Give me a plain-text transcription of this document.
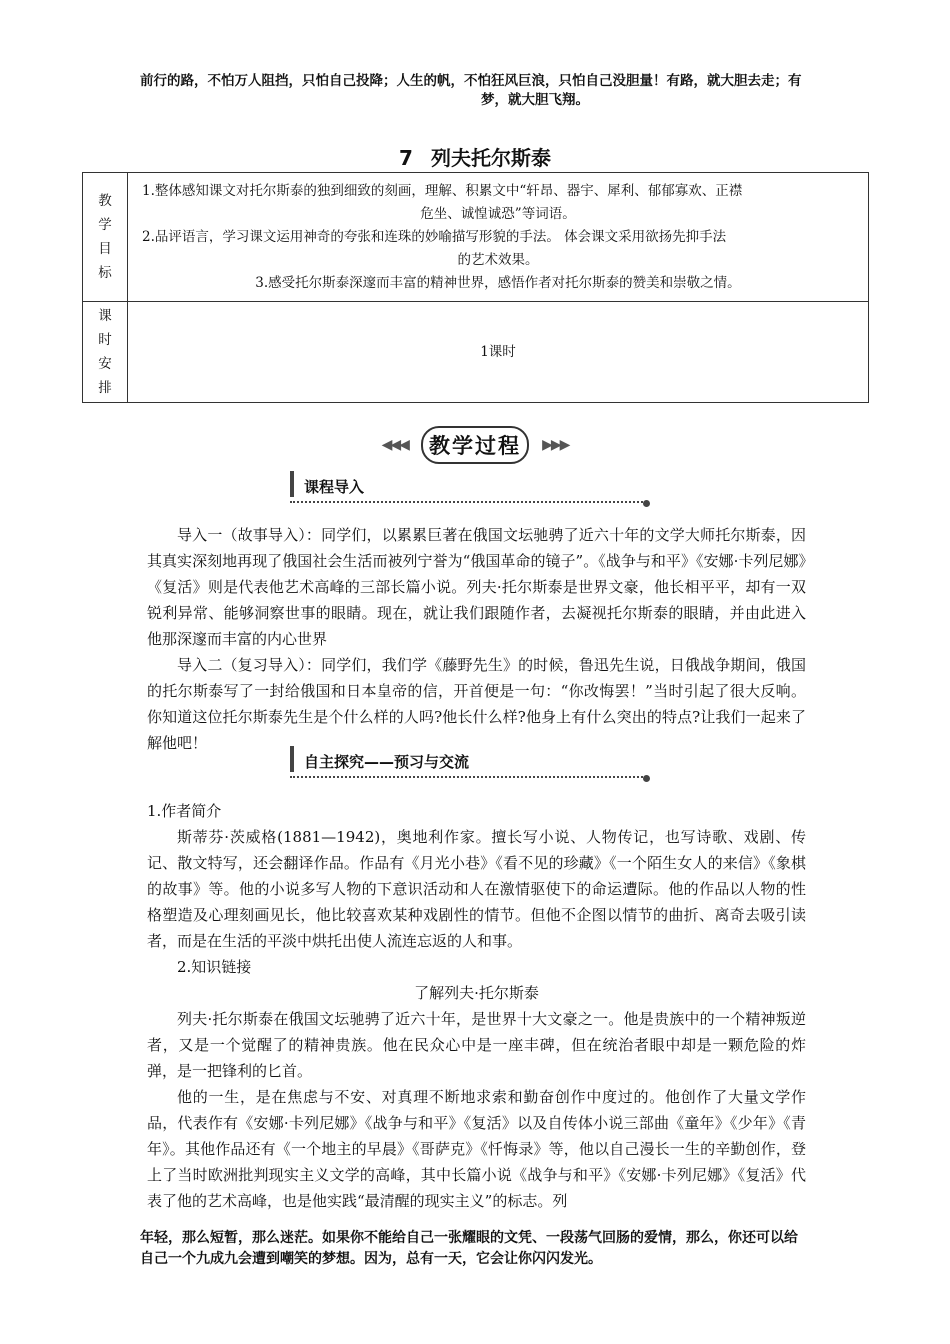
前行的路，不怕万人阻挡，只怕自己投降；人生的帆，不怕狂风巨浪，只怕自己没胆量！有路，就大胆去走；有
梦，就大胆飞翔。
7 列夫托尔斯泰
教
学
目
标	1.整体感知课文对托尔斯泰的独到细致的刻画，理解、积累文中“轩昂、器宇、犀利、郁郁寡欢、正襟
危坐、诚惶诚恐”等词语。
2.品评语言，学习课文运用神奇的夸张和连珠的妙喻描写形貌的手法。 体会课文采用欲扬先抑手法
的艺术效果。
3.感受托尔斯泰深邃而丰富的精神世界，感悟作者对托尔斯泰的赞美和崇敬之情。

课
时
安
排	1课时
◀◀◀ 教学过程 ▶▶▶
课程导入

导入一（故事导入）：同学们，以累累巨著在俄国文坛驰骋了近六十年的文学大师托尔斯泰，因其真实深刻地再现了俄国社会生活而被列宁誉为“俄国革命的镜子”。《战争与和平》《安娜·卡列尼娜》《复活》则是代表他艺术高峰的三部长篇小说。列夫·托尔斯泰是世界文豪，他长相平平，却有一双锐利异常、能够洞察世事的眼睛。现在，就让我们跟随作者，去凝视托尔斯泰的眼睛，并由此进入他那深邃而丰富的内心世界

导入二（复习导入）：同学们，我们学《藤野先生》的时候，鲁迅先生说，日俄战争期间，俄国的托尔斯泰写了一封给俄国和日本皇帝的信，开首便是一句：“你改悔罢！”当时引起了很大反响。你知道这位托尔斯泰先生是个什么样的人吗?他长什么样?他身上有什么突出的特点?让我们一起来了解他吧！

自主探究——预习与交流

1.作者简介

斯蒂芬·茨威格(1881—1942)，奥地利作家。擅长写小说、人物传记，也写诗歌、戏剧、传记、散文特写，还会翻译作品。作品有《月光小巷》《看不见的珍藏》《一个陌生女人的来信》《象棋的故事》等。他的小说多写人物的下意识活动和人在激情驱使下的命运遭际。他的作品以人物的性格塑造及心理刻画见长，他比较喜欢某种戏剧性的情节。但他不企图以情节的曲折、离奇去吸引读者，而是在生活的平淡中烘托出使人流连忘返的人和事。

2.知识链接

了解列夫·托尔斯泰

列夫·托尔斯泰在俄国文坛驰骋了近六十年，是世界十大文豪之一。他是贵族中的一个精神叛逆者，又是一个觉醒了的精神贵族。他在民众心中是一座丰碑，但在统治者眼中却是一颗危险的炸弹，是一把锋利的匕首。

他的一生，是在焦虑与不安、对真理不断地求索和勤奋创作中度过的。他创作了大量文学作品，代表作有《安娜·卡列尼娜》《战争与和平》《复活》以及自传体小说三部曲《童年》《少年》《青年》。其他作品还有《一个地主的早晨》《哥萨克》《忏悔录》等，他以自己漫长一生的辛勤创作，登上了当时欧洲批判现实主义文学的高峰，其中长篇小说《战争与和平》《安娜·卡列尼娜》《复活》代表了他的艺术高峰，也是他实践“最清醒的现实主义”的标志。列

年轻，那么短暂，那么迷茫。如果你不能给自己一张耀眼的文凭、一段荡气回肠的爱情，那么，你还可以给自己一个九成九会遭到嘲笑的梦想。因为，总有一天，它会让你闪闪发光。
